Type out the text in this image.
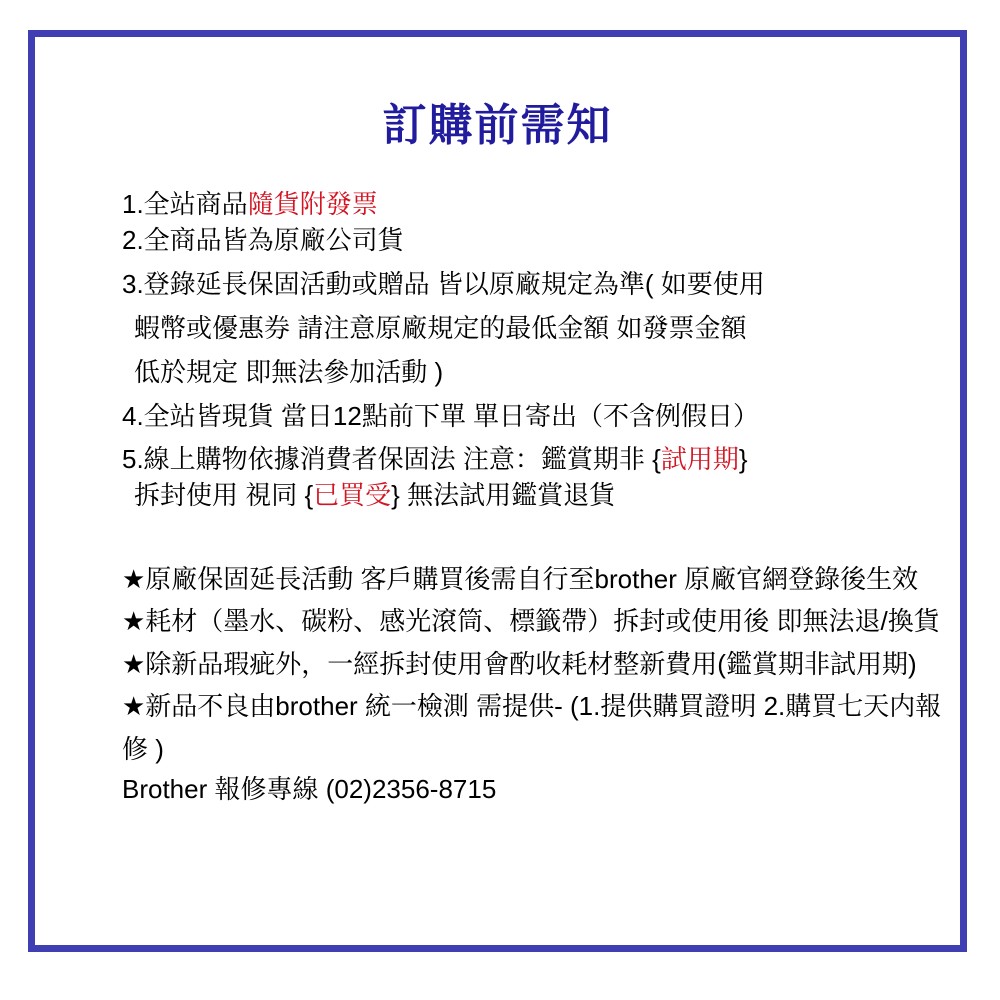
訂購前需知
1.全站商品隨貨附發票
2.全商品皆為原廠公司貨
3.登錄延長保固活動或贈品 皆以原廠規定為準( 如要使用
蝦幣或優惠券 請注意原廠規定的最低金額 如發票金額
低於規定 即無法參加活動 )
4.全站皆現貨 當日12點前下單 單日寄出（不含例假日）
5.線上購物依據消費者保固法 注意：鑑賞期非 {試用期}
拆封使用 視同 {已買受} 無法試用鑑賞退貨
★原廠保固延長活動 客戶購買後需自行至brother 原廠官網登錄後生效
★耗材（墨水、碳粉、感光滾筒、標籤帶）拆封或使用後 即無法退/換貨
★除新品瑕疵外，一經拆封使用會酌收耗材整新費用(鑑賞期非試用期)
★新品不良由brother 統一檢測 需提供- (1.提供購買證明 2.購買七天内報
修 )
Brother 報修專線 (02)2356-8715
